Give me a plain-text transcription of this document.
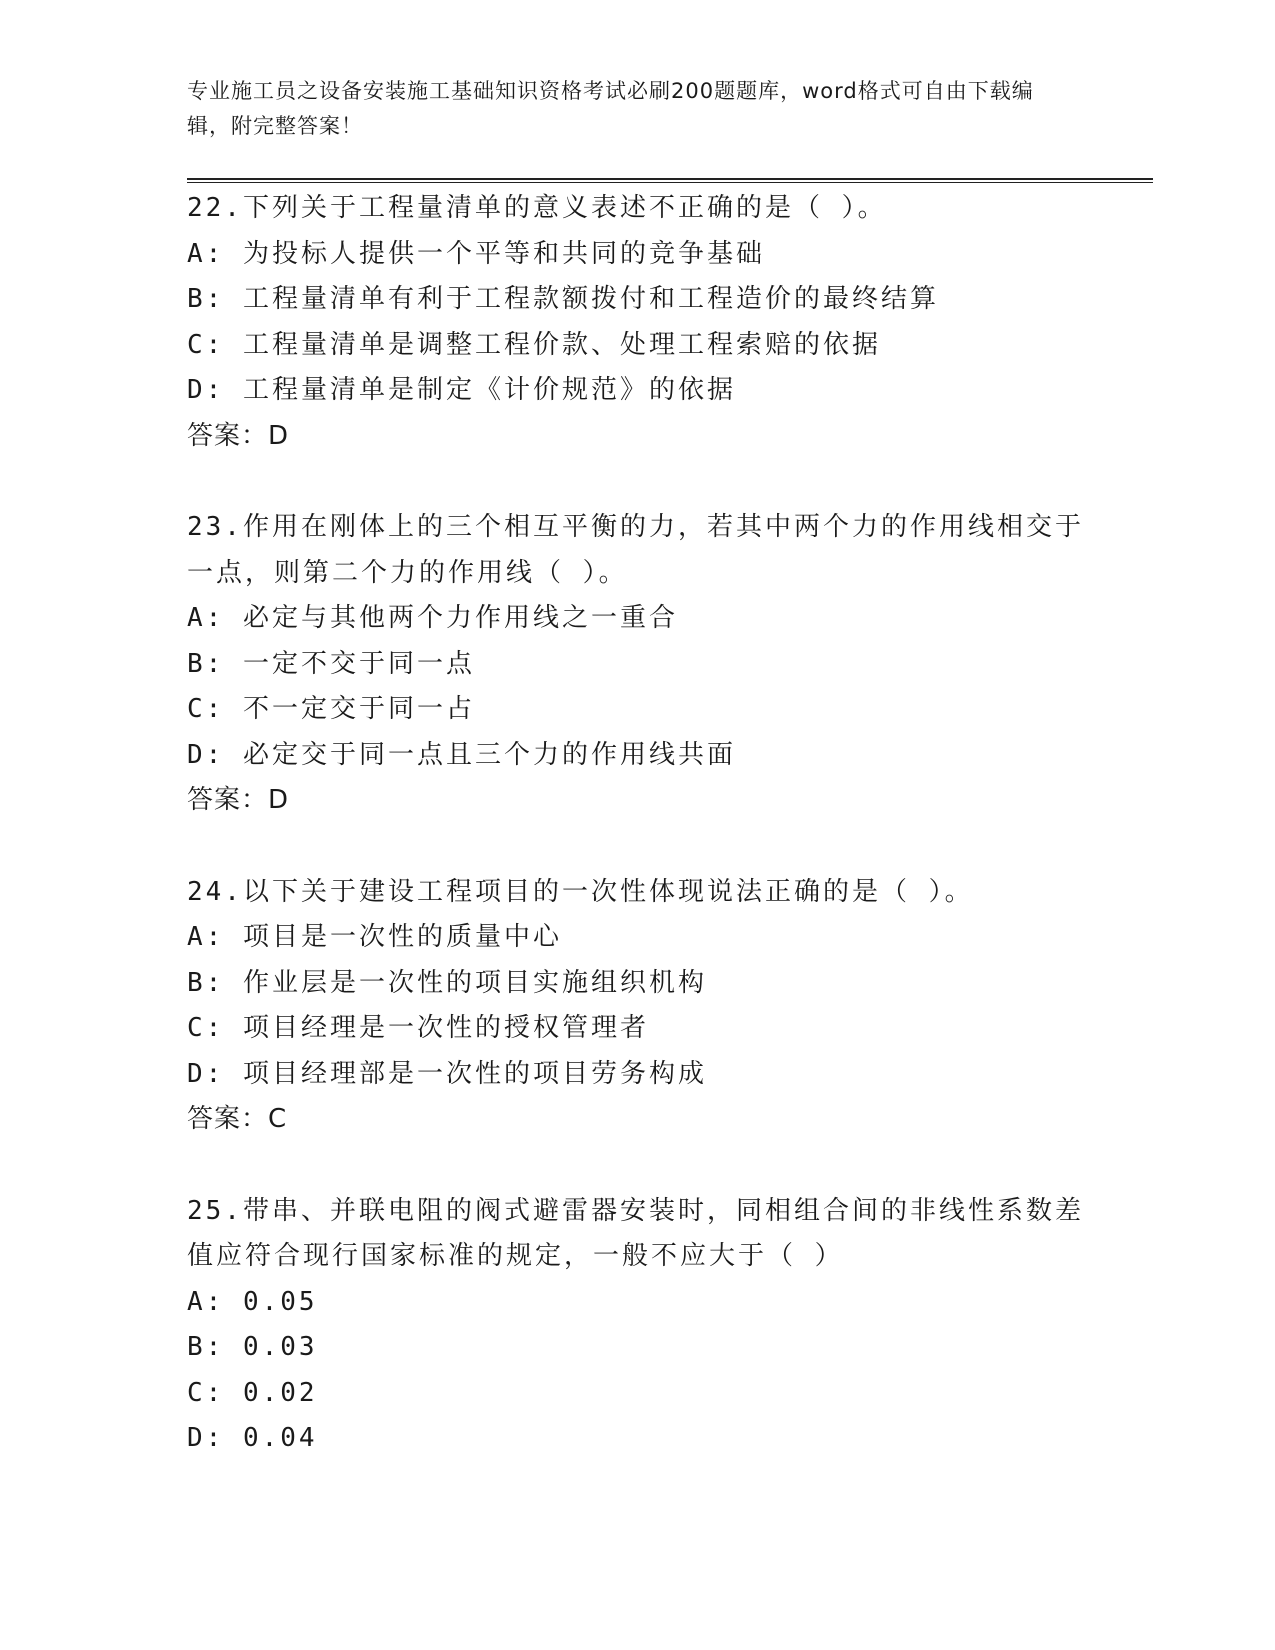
专业施工员之设备安装施工基础知识资格考试必刷200题题库，word格式可自由下载编辑，附完整答案！
22.下列关于工程量清单的意义表述不正确的是（ ）。
A: 为投标人提供一个平等和共同的竞争基础
B: 工程量清单有利于工程款额拨付和工程造价的最终结算
C: 工程量清单是调整工程价款、处理工程索赔的依据
D: 工程量清单是制定《计价规范》的依据
答案：D
23.作用在刚体上的三个相互平衡的力，若其中两个力的作用线相交于一点，则第二个力的作用线（ ）。
A: 必定与其他两个力作用线之一重合
B: 一定不交于同一点
C: 不一定交于同一占
D: 必定交于同一点且三个力的作用线共面
答案：D
24.以下关于建设工程项目的一次性体现说法正确的是（ ）。
A: 项目是一次性的质量中心
B: 作业层是一次性的项目实施组织机构
C: 项目经理是一次性的授权管理者
D: 项目经理部是一次性的项目劳务构成
答案：C
25.带串、并联电阻的阀式避雷器安装时，同相组合间的非线性系数差值应符合现行国家标准的规定，一般不应大于（ ）
A: 0.05
B: 0.03
C: 0.02
D: 0.04
